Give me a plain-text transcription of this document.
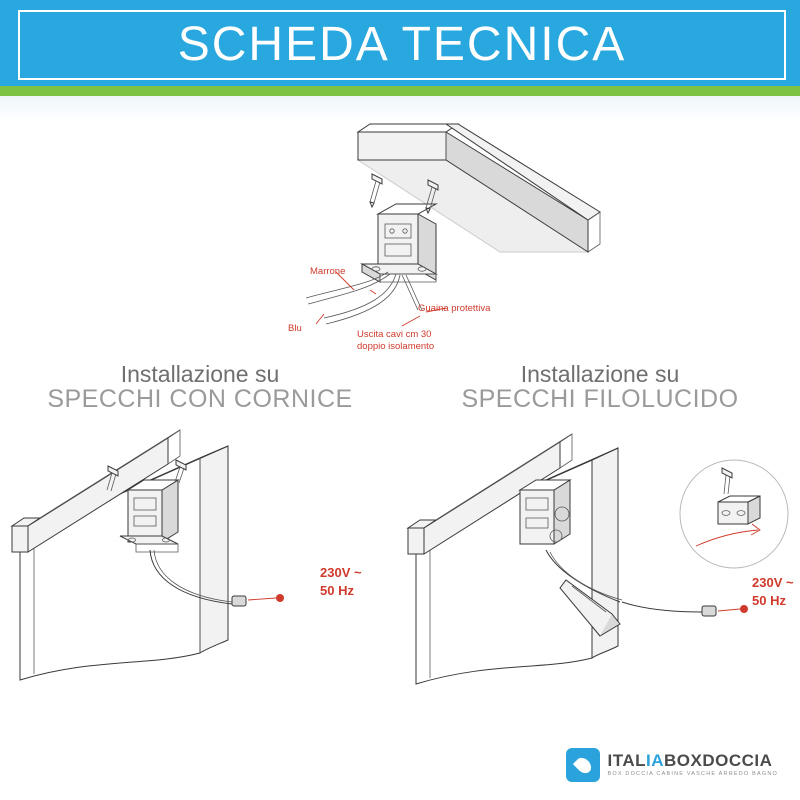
SCHEDA TECNICA
Marrone
Blu
Guaina protettiva
Uscita cavi cm 30
doppio isolamento
Installazione su
SPECCHI CON CORNICE
Installazione su
SPECCHI FILOLUCIDO
230V ~
50 Hz
230V ~
50 Hz
ITALIABOXDOCCIA
BOX DOCCIA CABINE VASCHE ARREDO BAGNO
